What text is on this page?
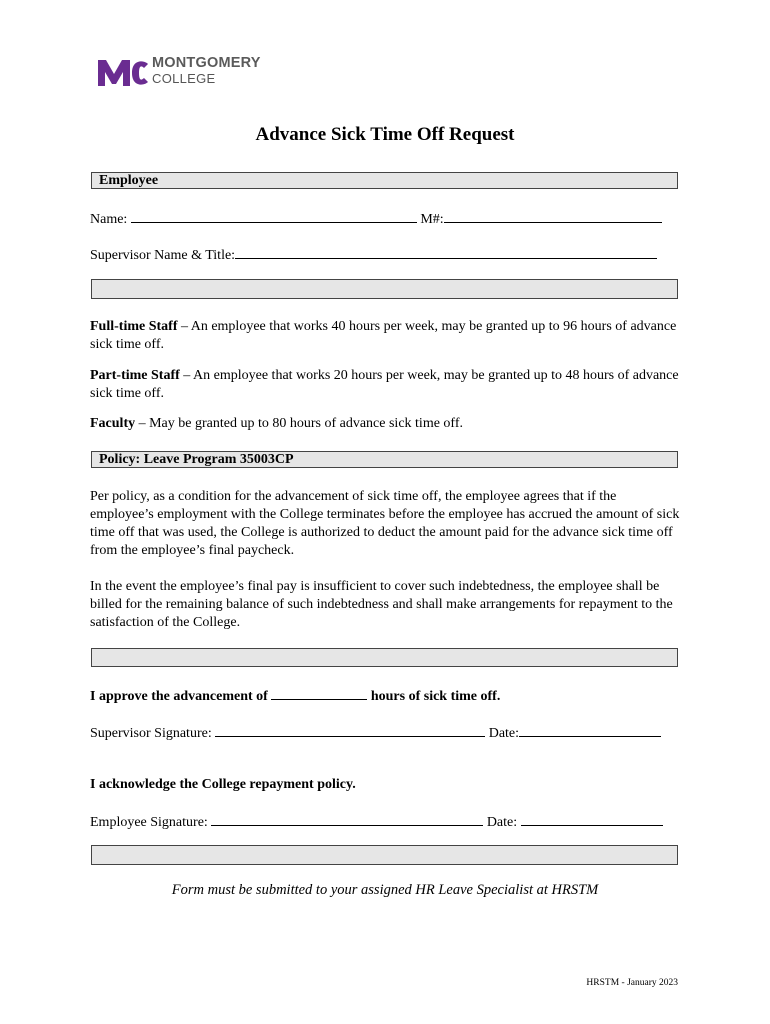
MONTGOMERY
COLLEGE
Advance Sick Time Off Request
Employee
Name:	M#:
Supervisor Name & Title:
Full-time Staff – An employee that works 40 hours per week, may be granted up to 96 hours of advance sick time off.
Part-time Staff – An employee that works 20 hours per week, may be granted up to 48 hours of advance sick time off.
Faculty – May be granted up to 80 hours of advance sick time off.
Policy: Leave Program 35003CP
Per policy, as a condition for the advancement of sick time off, the employee agrees that if the employee’s employment with the College terminates before the employee has accrued the amount of sick time off that was used, the College is authorized to deduct the amount paid for the advance sick time off from the employee’s final paycheck.
In the event the employee’s final pay is insufficient to cover such indebtedness, the employee shall be billed for the remaining balance of such indebtedness and shall make arrangements for repayment to the satisfaction of the College.
I approve the advancement of	hours of sick time off.
Supervisor Signature:	Date:
I acknowledge the College repayment policy.
Employee Signature:	Date:
Form must be submitted to your assigned HR Leave Specialist at HRSTM
HRSTM - January 2023
